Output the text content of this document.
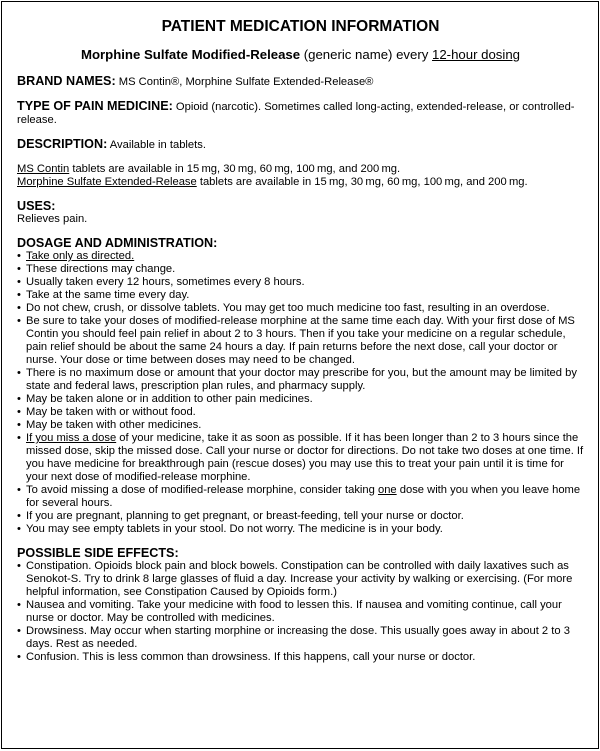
PATIENT MEDICATION INFORMATION
Morphine Sulfate Modified-Release (generic name) every 12-hour dosing
BRAND NAMES: MS Contin®, Morphine Sulfate Extended-Release®
TYPE OF PAIN MEDICINE: Opioid (narcotic). Sometimes called long-acting, extended-release, or controlled-release.
DESCRIPTION: Available in tablets.
MS Contin tablets are available in 15 mg, 30 mg, 60 mg, 100 mg, and 200 mg.
Morphine Sulfate Extended-Release tablets are available in 15 mg, 30 mg, 60 mg, 100 mg, and 200 mg.
USES:
Relieves pain.
DOSAGE AND ADMINISTRATION:
• Take only as directed.
• These directions may change.
• Usually taken every 12 hours, sometimes every 8 hours.
• Take at the same time every day.
• Do not chew, crush, or dissolve tablets. You may get too much medicine too fast, resulting in an overdose.
• Be sure to take your doses of modified-release morphine at the same time each day. With your first dose of MS Contin you should feel pain relief in about 2 to 3 hours. Then if you take your medicine on a regular schedule, pain relief should be about the same 24 hours a day. If pain returns before the next dose, call your doctor or nurse. Your dose or time between doses may need to be changed.
• There is no maximum dose or amount that your doctor may prescribe for you, but the amount may be limited by state and federal laws, prescription plan rules, and pharmacy supply.
• May be taken alone or in addition to other pain medicines.
• May be taken with or without food.
• May be taken with other medicines.
• If you miss a dose of your medicine, take it as soon as possible. If it has been longer than 2 to 3 hours since the missed dose, skip the missed dose. Call your nurse or doctor for directions. Do not take two doses at one time. If you have medicine for breakthrough pain (rescue doses) you may use this to treat your pain until it is time for your next dose of modified-release morphine.
• To avoid missing a dose of modified-release morphine, consider taking one dose with you when you leave home for several hours.
• If you are pregnant, planning to get pregnant, or breast-feeding, tell your nurse or doctor.
• You may see empty tablets in your stool. Do not worry. The medicine is in your body.
POSSIBLE SIDE EFFECTS:
• Constipation. Opioids block pain and block bowels. Constipation can be controlled with daily laxatives such as Senokot-S. Try to drink 8 large glasses of fluid a day. Increase your activity by walking or exercising. (For more helpful information, see Constipation Caused by Opioids form.)
• Nausea and vomiting. Take your medicine with food to lessen this. If nausea and vomiting continue, call your nurse or doctor. May be controlled with medicines.
• Drowsiness. May occur when starting morphine or increasing the dose. This usually goes away in about 2 to 3 days. Rest as needed.
• Confusion. This is less common than drowsiness. If this happens, call your nurse or doctor.
